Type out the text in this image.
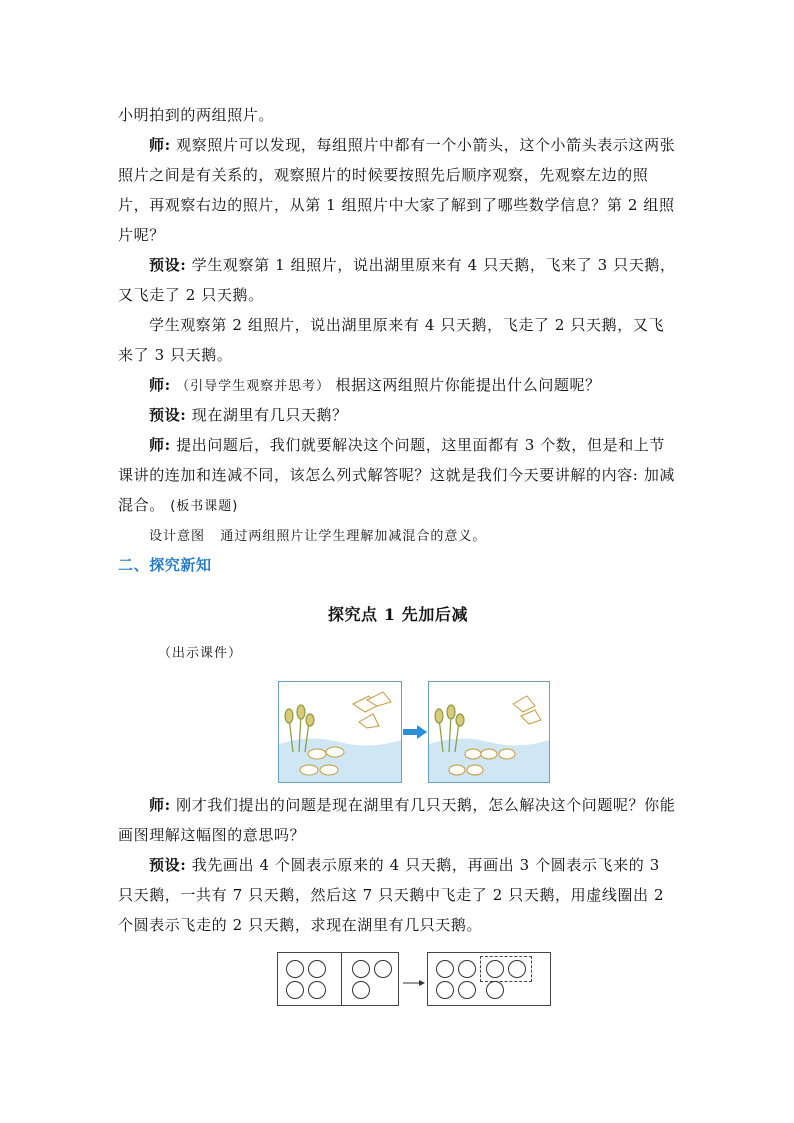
小明拍到的两组照片。
师: 观察照片可以发现，每组照片中都有一个小箭头，这个小箭头表示这两张照片之间是有关系的，观察照片的时候要按照先后顺序观察，先观察左边的照片，再观察右边的照片，从第 1 组照片中大家了解到了哪些数学信息？第 2 组照片呢？
预设: 学生观察第 1 组照片，说出湖里原来有 4 只天鹅，飞来了 3 只天鹅，又飞走了 2 只天鹅。
学生观察第 2 组照片，说出湖里原来有 4 只天鹅，飞走了 2 只天鹅，又飞来了 3 只天鹅。
师: （引导学生观察并思考） 根据这两组照片你能提出什么问题呢？
预设: 现在湖里有几只天鹅？
师: 提出问题后，我们就要解决这个问题，这里面都有 3 个数，但是和上节课讲的连加和连减不同，该怎么列式解答呢？这就是我们今天要讲解的内容: 加减混合。 (板书课题)
设计意图 通过两组照片让学生理解加减混合的意义。
二、探究新知
探究点 1 先加后减
（出示课件）
师: 刚才我们提出的问题是现在湖里有几只天鹅，怎么解决这个问题呢？你能画图理解这幅图的意思吗？
预设: 我先画出 4 个圆表示原来的 4 只天鹅，再画出 3 个圆表示飞来的 3 只天鹅，一共有 7 只天鹅，然后这 7 只天鹅中飞走了 2 只天鹅，用虚线圈出 2 个圆表示飞走的 2 只天鹅，求现在湖里有几只天鹅。
